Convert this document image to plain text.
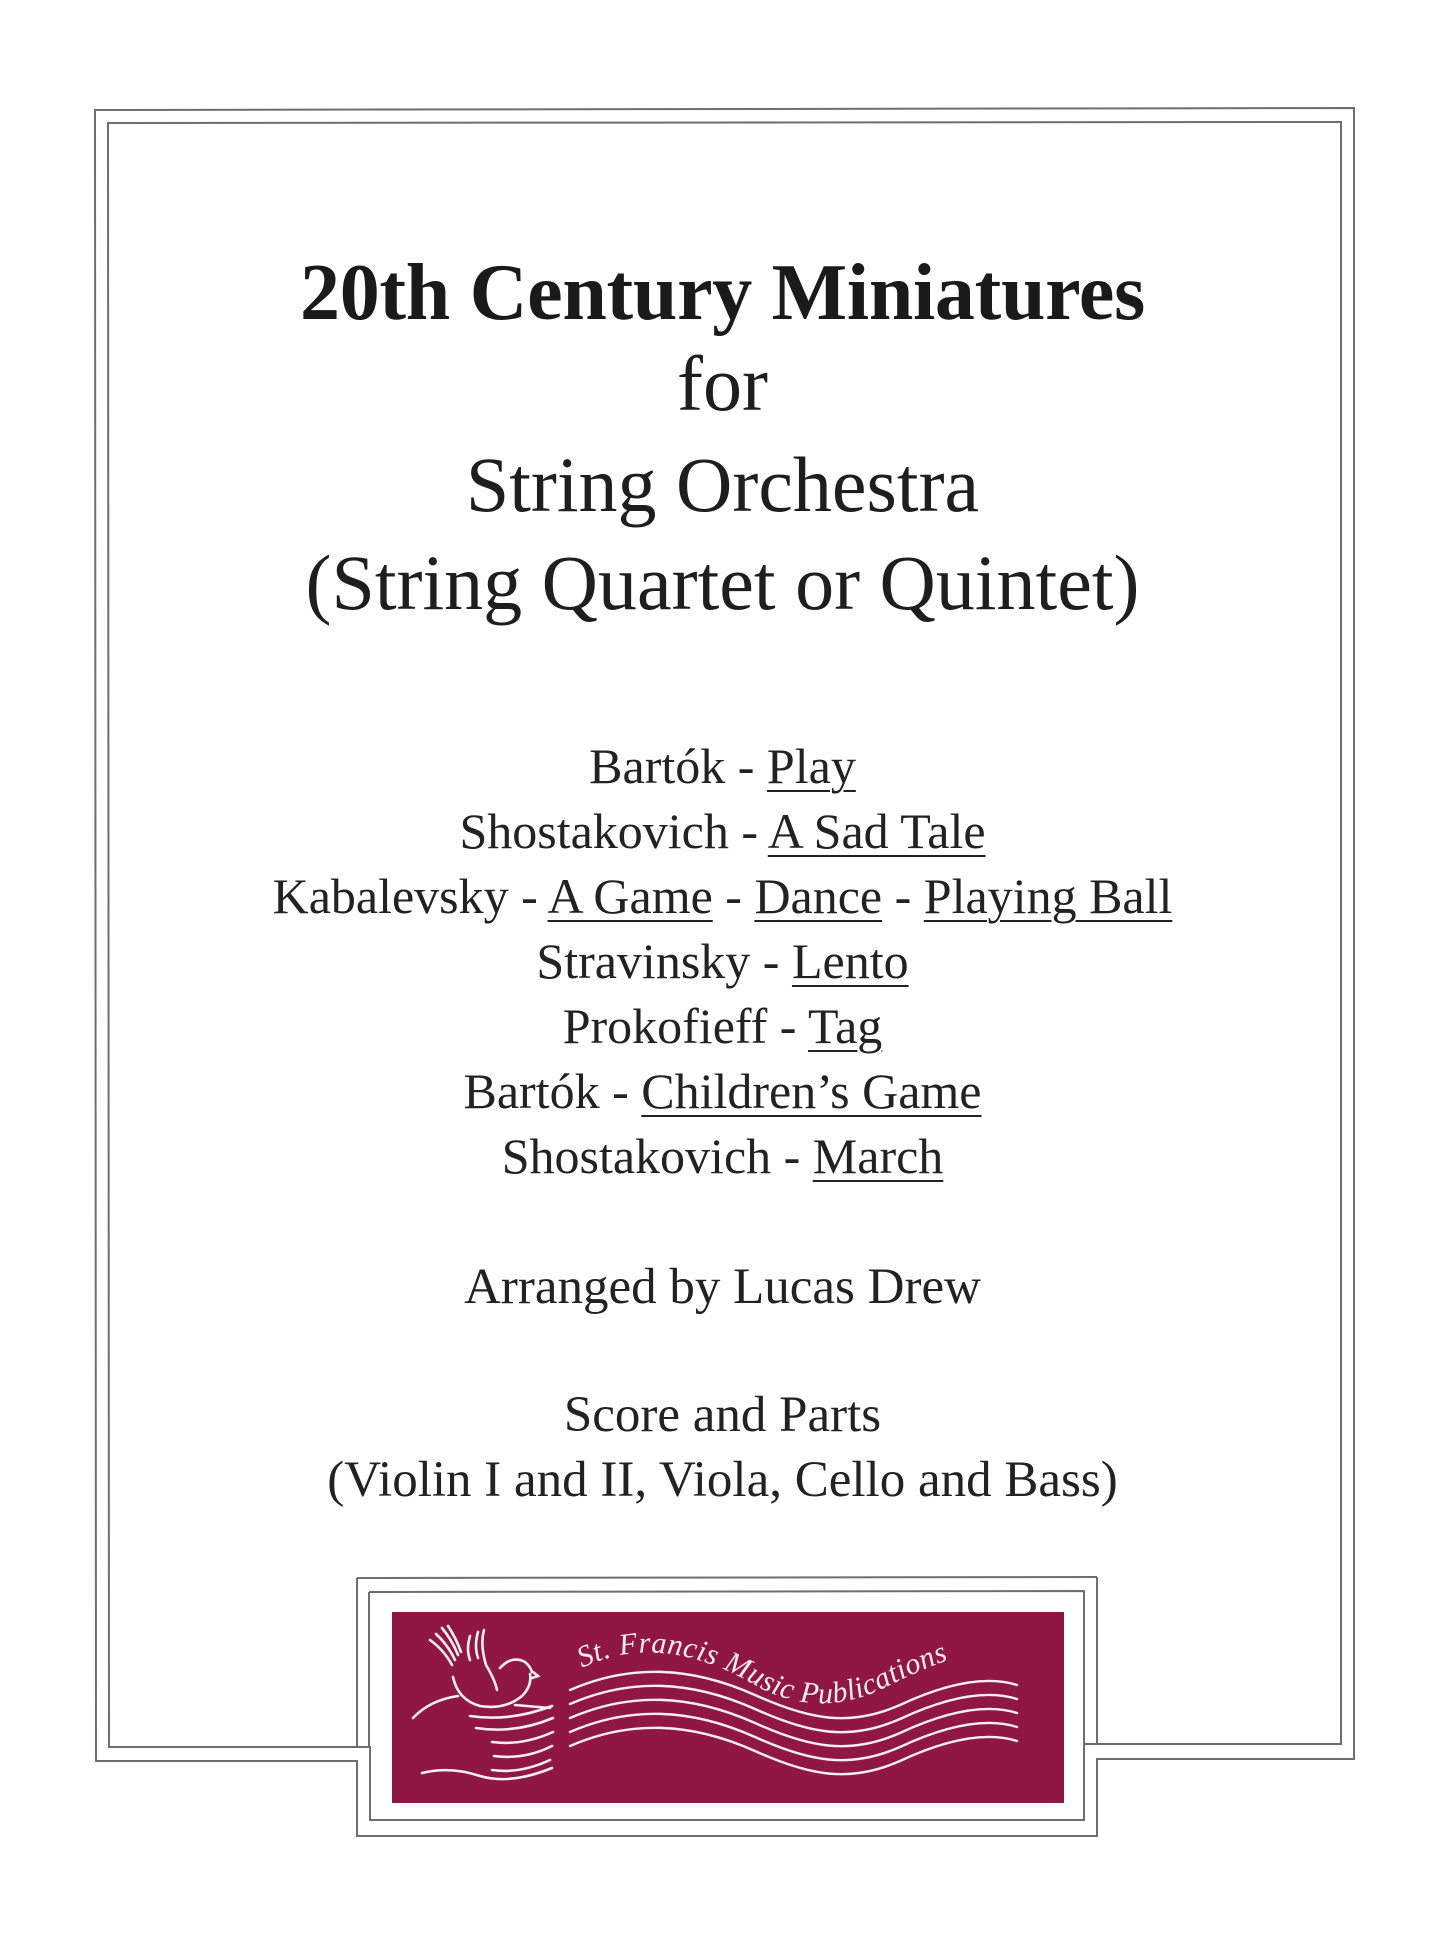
20th Century Miniatures
for
String Orchestra
(String Quartet or Quintet)
Bartók - Play
Shostakovich - A Sad Tale
Kabalevsky - A Game - Dance - Playing Ball
Stravinsky - Lento
Prokofieff - Tag
Bartók - Children’s Game
Shostakovich - March
Arranged by Lucas Drew
Score and Parts
(Violin I and II, Viola, Cello and Bass)
St. Francis Music Publications
